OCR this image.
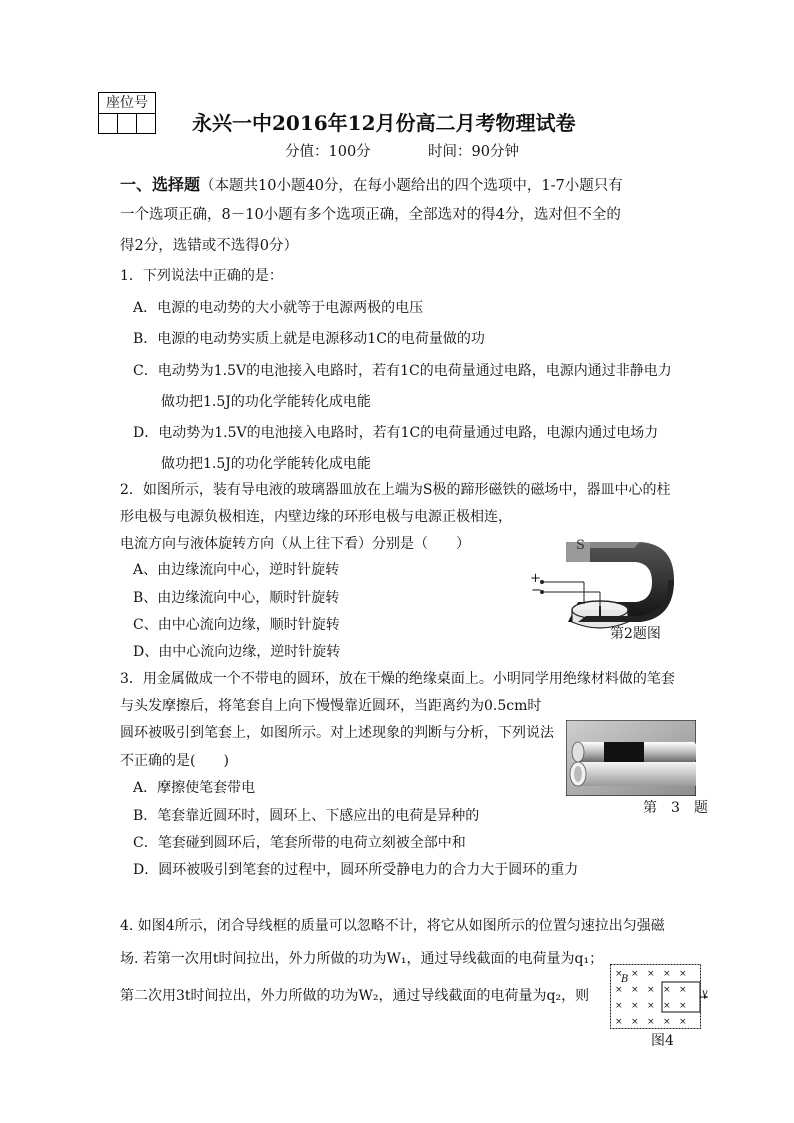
座位号
永兴一中2016年12月份高二月考物理试卷
分值：100分	时间：90分钟
一、选择题（本题共10小题40分，在每小题给出的四个选项中，1-7小题只有
一个选项正确，8－10小题有多个选项正确，全部选对的得4分，选对但不全的
得2分，选错或不选得0分）
1．下列说法中正确的是：
A．电源的电动势的大小就等于电源两极的电压
B．电源的电动势实质上就是电源移动1C的电荷量做的功
C．电动势为1.5V的电池接入电路时，若有1C的电荷量通过电路，电源内通过非静电力
做功把1.5J的功化学能转化成电能
D．电动势为1.5V的电池接入电路时，若有1C的电荷量通过电路，电源内通过电场力
做功把1.5J的功化学能转化成电能
2．如图所示，装有导电液的玻璃器皿放在上端为S极的蹄形磁铁的磁场中，器皿中心的柱
形电极与电源负极相连，内壁边缘的环形电极与电源正极相连，
电流方向与液体旋转方向（从上往下看）分别是（　　）
A、由边缘流向中心，逆时针旋转
B、由边缘流向中心，顺时针旋转
C、由中心流向边缘，顺时针旋转
D、由中心流向边缘，逆时针旋转
S
+
−
第2题图
3．用金属做成一个不带电的圆环，放在干燥的绝缘桌面上。小明同学用绝缘材料做的笔套
与头发摩擦后，将笔套自上向下慢慢靠近圆环，当距离约为0.5cm时
圆环被吸引到笔套上，如图所示。对上述现象的判断与分析，下列说法
不正确的是(　　)
A．摩擦使笔套带电
B．笔套靠近圆环时，圆环上、下感应出的电荷是异种的
C．笔套碰到圆环后，笔套所带的电荷立刻被全部中和
D．圆环被吸引到笔套的过程中，圆环所受静电力的合力大于圆环的重力
第　3　题
4. 如图4所示，闭合导线框的质量可以忽略不计，将它从如图所示的位置匀速拉出匀强磁
场. 若第一次用t时间拉出，外力所做的功为W₁，通过导线截面的电荷量为q₁；
第二次用3t时间拉出，外力所做的功为W₂，通过导线截面的电荷量为q₂，则
× × × × ×
× × × × ×
× × × × ×
× × × × ×
B
v
图4
